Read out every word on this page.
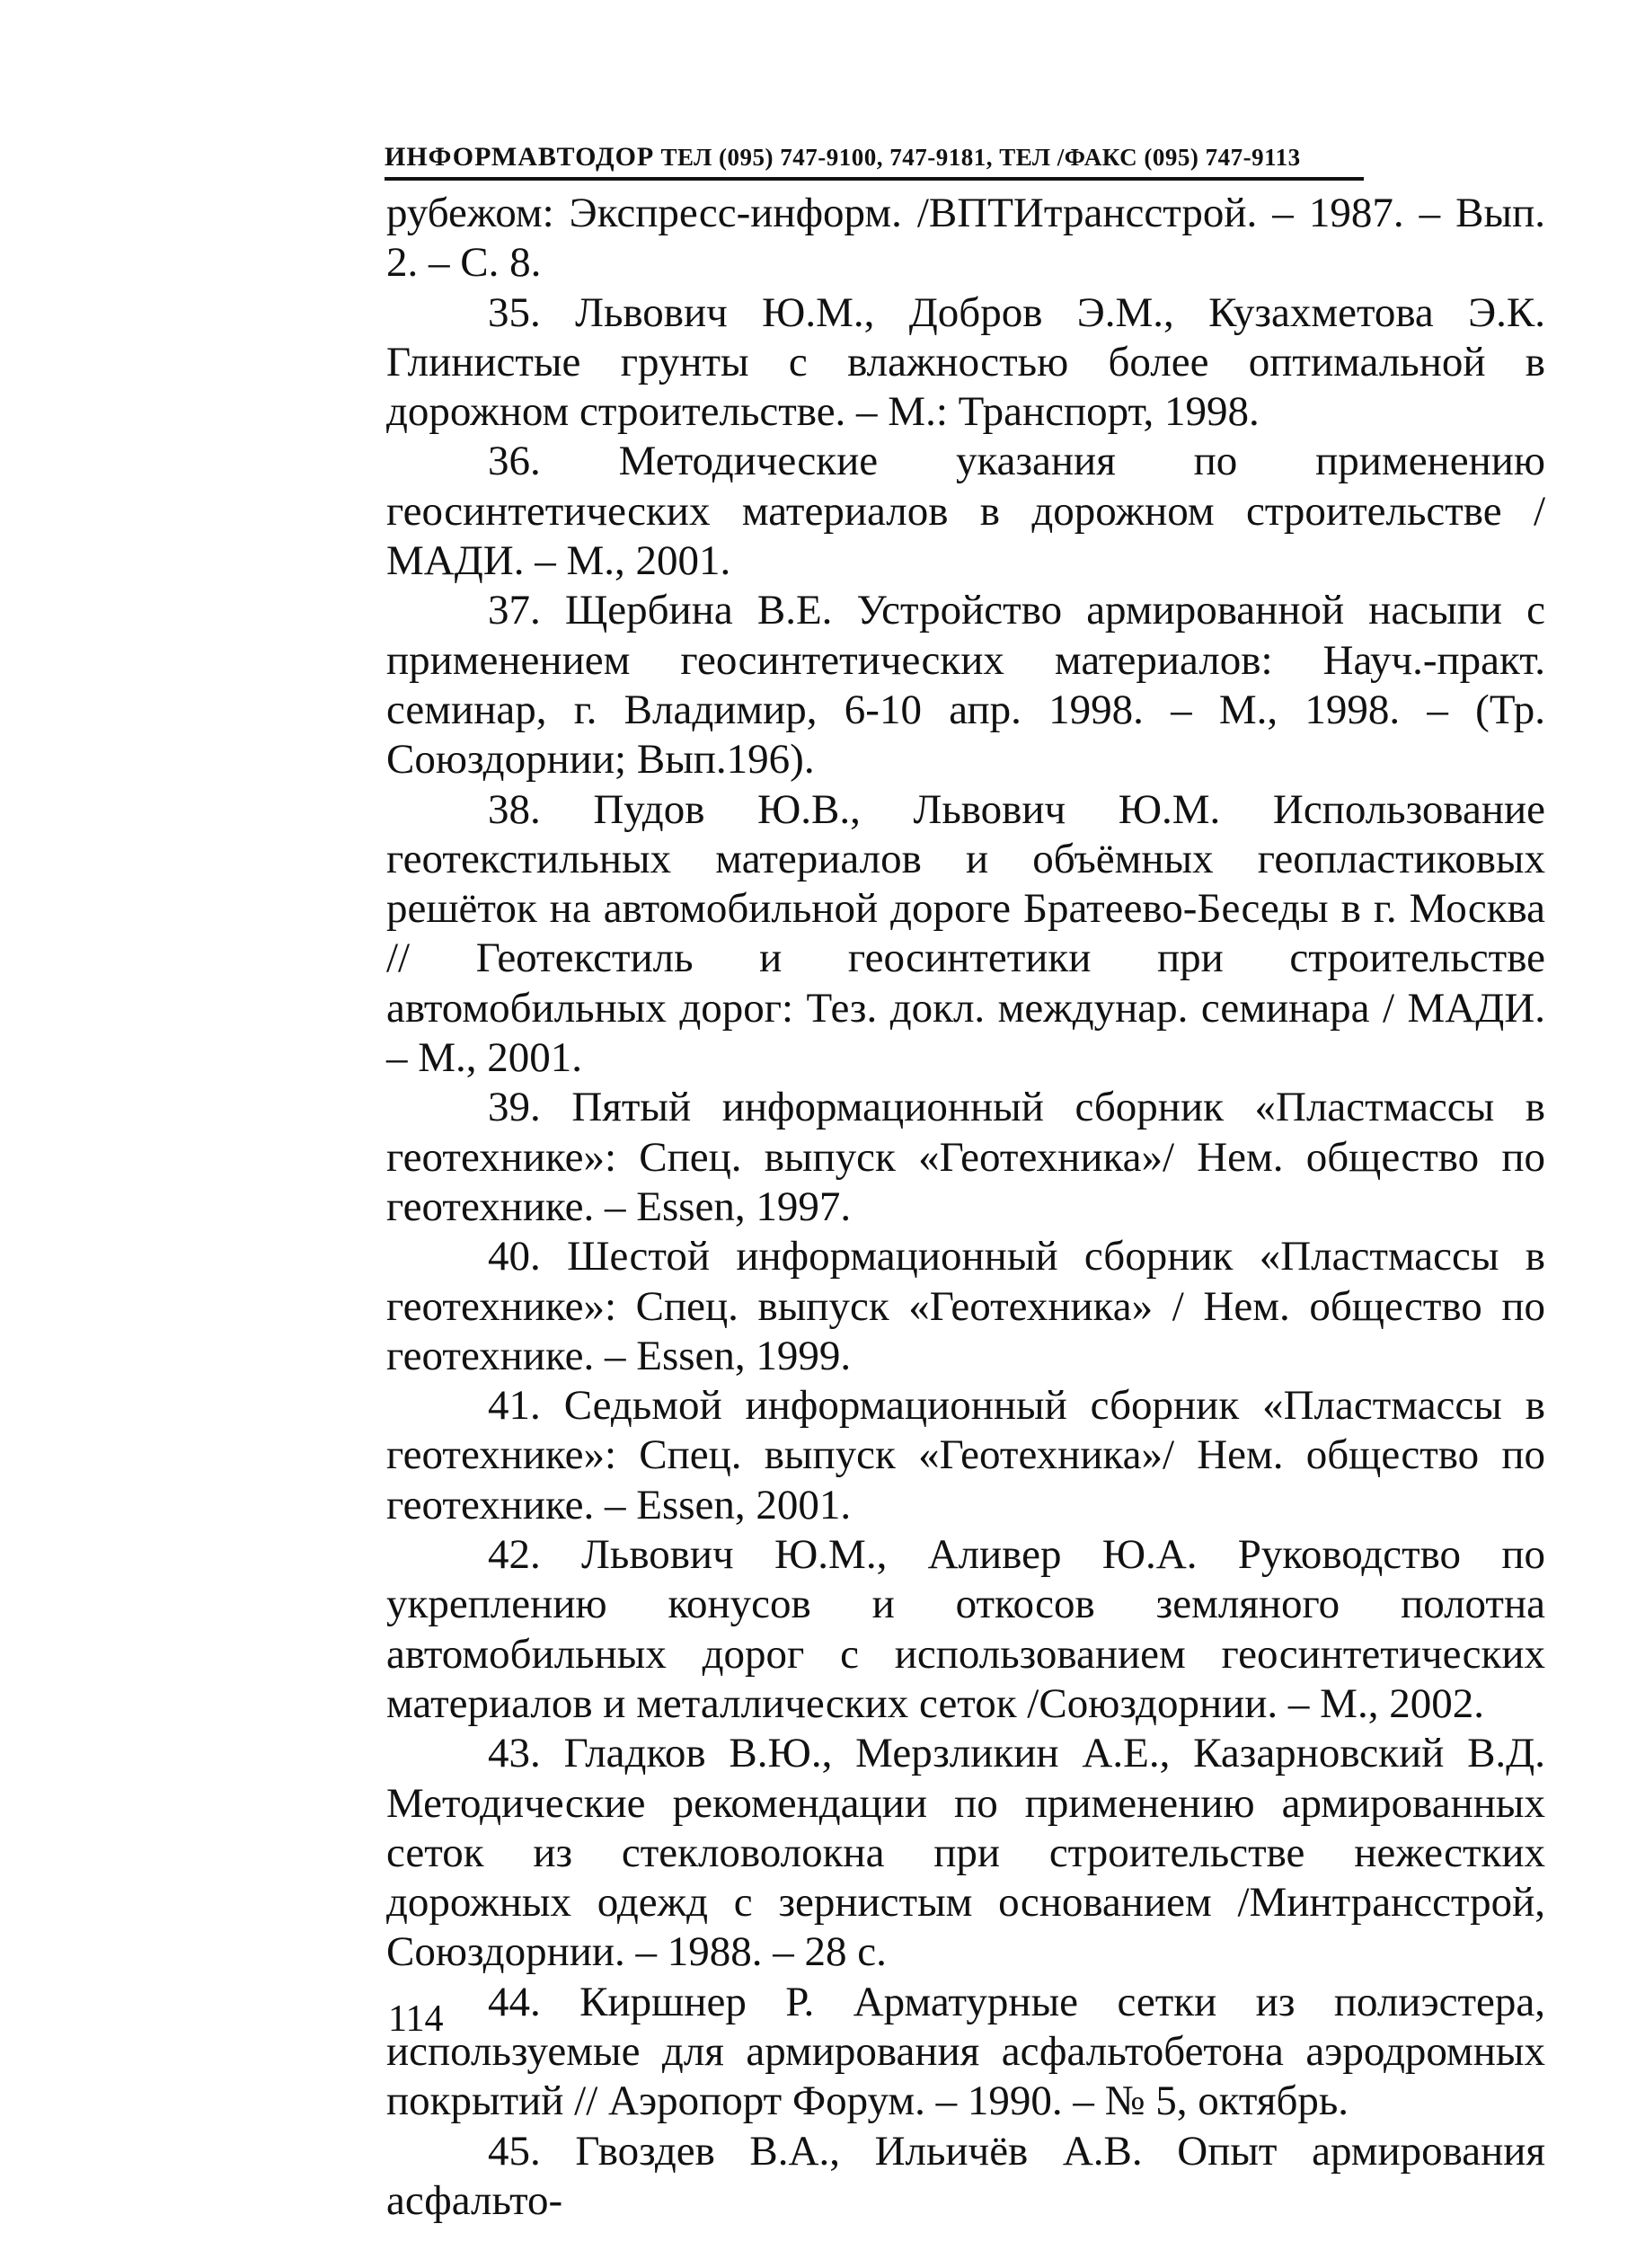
ИНФОРМАВТОДОР ТЕЛ (095) 747-9100, 747-9181, ТЕЛ /ФАКС (095) 747-9113

рубежом: Экспресс-информ. /ВПТИтрансстрой. – 1987. – Вып. 2. – С. 8.

35. Львович Ю.М., Добров Э.М., Кузахметова Э.К. Глинистые грунты с влажностью более оптимальной в дорожном строительстве. – М.: Транспорт, 1998.

36. Методические указания по применению геосинтетических материалов в дорожном строительстве / МАДИ. – М., 2001.

37. Щербина В.Е. Устройство армированной насыпи с применением геосинтетических материалов: Науч.-практ. семинар, г. Владимир, 6-10 апр. 1998. – М., 1998. – (Тр. Союздорнии; Вып.196).

38. Пудов Ю.В., Львович Ю.М. Использование геотекстильных материалов и объёмных геопластиковых решёток на автомобильной дороге Братеево-Беседы в г. Москва // Геотекстиль и геосинтетики при строительстве автомобильных дорог: Тез. докл. междунар. семинара / МАДИ. – М., 2001.

39. Пятый информационный сборник «Пластмассы в геотехнике»: Спец. выпуск «Геотехника»/ Нем. общество по геотехнике. – Essen, 1997.

40. Шестой информационный сборник «Пластмассы в геотехнике»: Спец. выпуск «Геотехника» / Нем. общество по геотехнике. – Essen, 1999.

41. Седьмой информационный сборник «Пластмассы в геотехнике»: Спец. выпуск «Геотехника»/ Нем. общество по геотехнике. – Essen, 2001.

42. Львович Ю.М., Аливер Ю.А. Руководство по укреплению конусов и откосов земляного полотна автомобильных дорог с использованием геосинтетических материалов и металлических сеток /Союздорнии. – М., 2002.

43. Гладков В.Ю., Мерзликин А.Е., Казарновский В.Д. Методические рекомендации по применению армированных сеток из стекловолокна при строительстве нежестких дорожных одежд с зернистым основанием /Минтрансстрой, Союздорнии. – 1988. – 28 с.

44. Киршнер Р. Арматурные сетки из полиэстера, используемые для армирования асфальтобетона аэродромных покрытий // Аэропорт Форум. – 1990. – № 5, октябрь.

45. Гвоздев В.А., Ильичёв А.В. Опыт армирования асфальто-

114
